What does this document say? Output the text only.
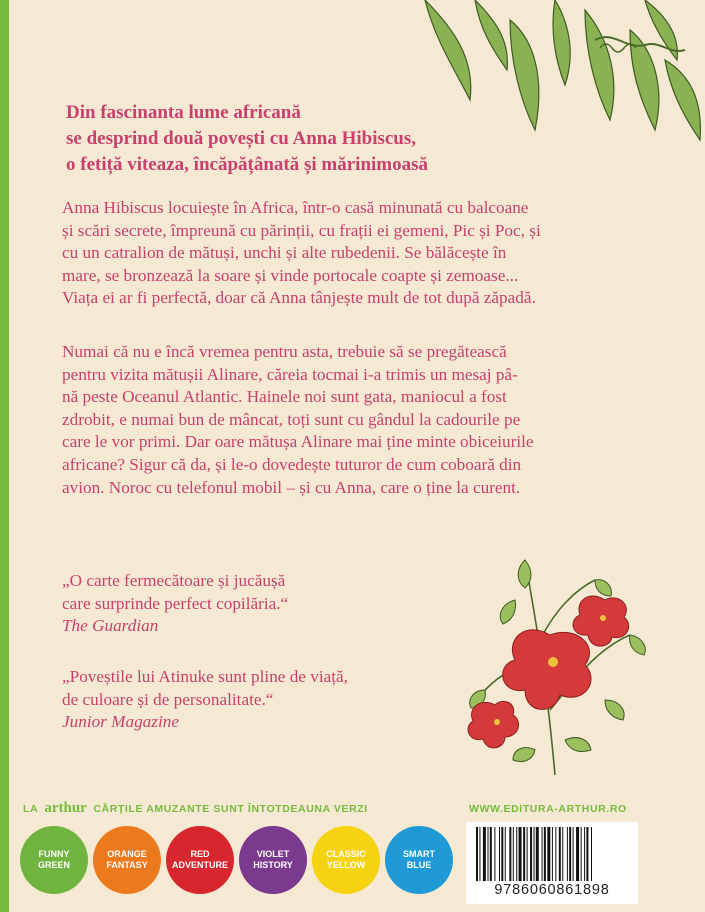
Din fascinanta lume africană
se desprind două povești cu Anna Hibiscus,
o fetiță viteaza, încăpățânată și mărinimoasă

Anna Hibiscus locuiește în Africa, într-o casă minunată cu balcoane
și scări secrete, împreună cu părinții, cu frații ei gemeni, Pic și Poc, și
cu un catralion de mătuși, unchi și alte rubedenii. Se bălăcește în
mare, se bronzează la soare și vinde portocale coapte și zemoase...
Viața ei ar fi perfectă, doar că Anna tânjește mult de tot după zăpadă.

Numai că nu e încă vremea pentru asta, trebuie să se pregătească
pentru vizita mătușii Alinare, căreia tocmai i-a trimis un mesaj pâ-
nă peste Oceanul Atlantic. Hainele noi sunt gata, maniocul a fost
zdrobit, e numai bun de mâncat, toți sunt cu gândul la cadourile pe
care le vor primi. Dar oare mătușa Alinare mai ține minte obiceiurile
africane? Sigur că da, și le-o dovedește tuturor de cum coboară din
avion. Noroc cu telefonul mobil – și cu Anna, care o ține la curent.

„O carte fermecătoare și jucăușă
care surprinde perfect copilăria.“
The Guardian

„Poveștile lui Atinuke sunt pline de viață,
de culoare și de personalitate.“
Junior Magazine

LA arthur CĂRȚILE AMUZANTE SUNT ÎNTOTDEAUNA VERZI	WWW.EDITURA-ARTHUR.RO
FUNNY
GREEN
ORANGE
FANTASY
RED
ADVENTURE
VIOLET
HISTORY
CLASSIC
YELLOW
SMART
BLUE
9786060861898
